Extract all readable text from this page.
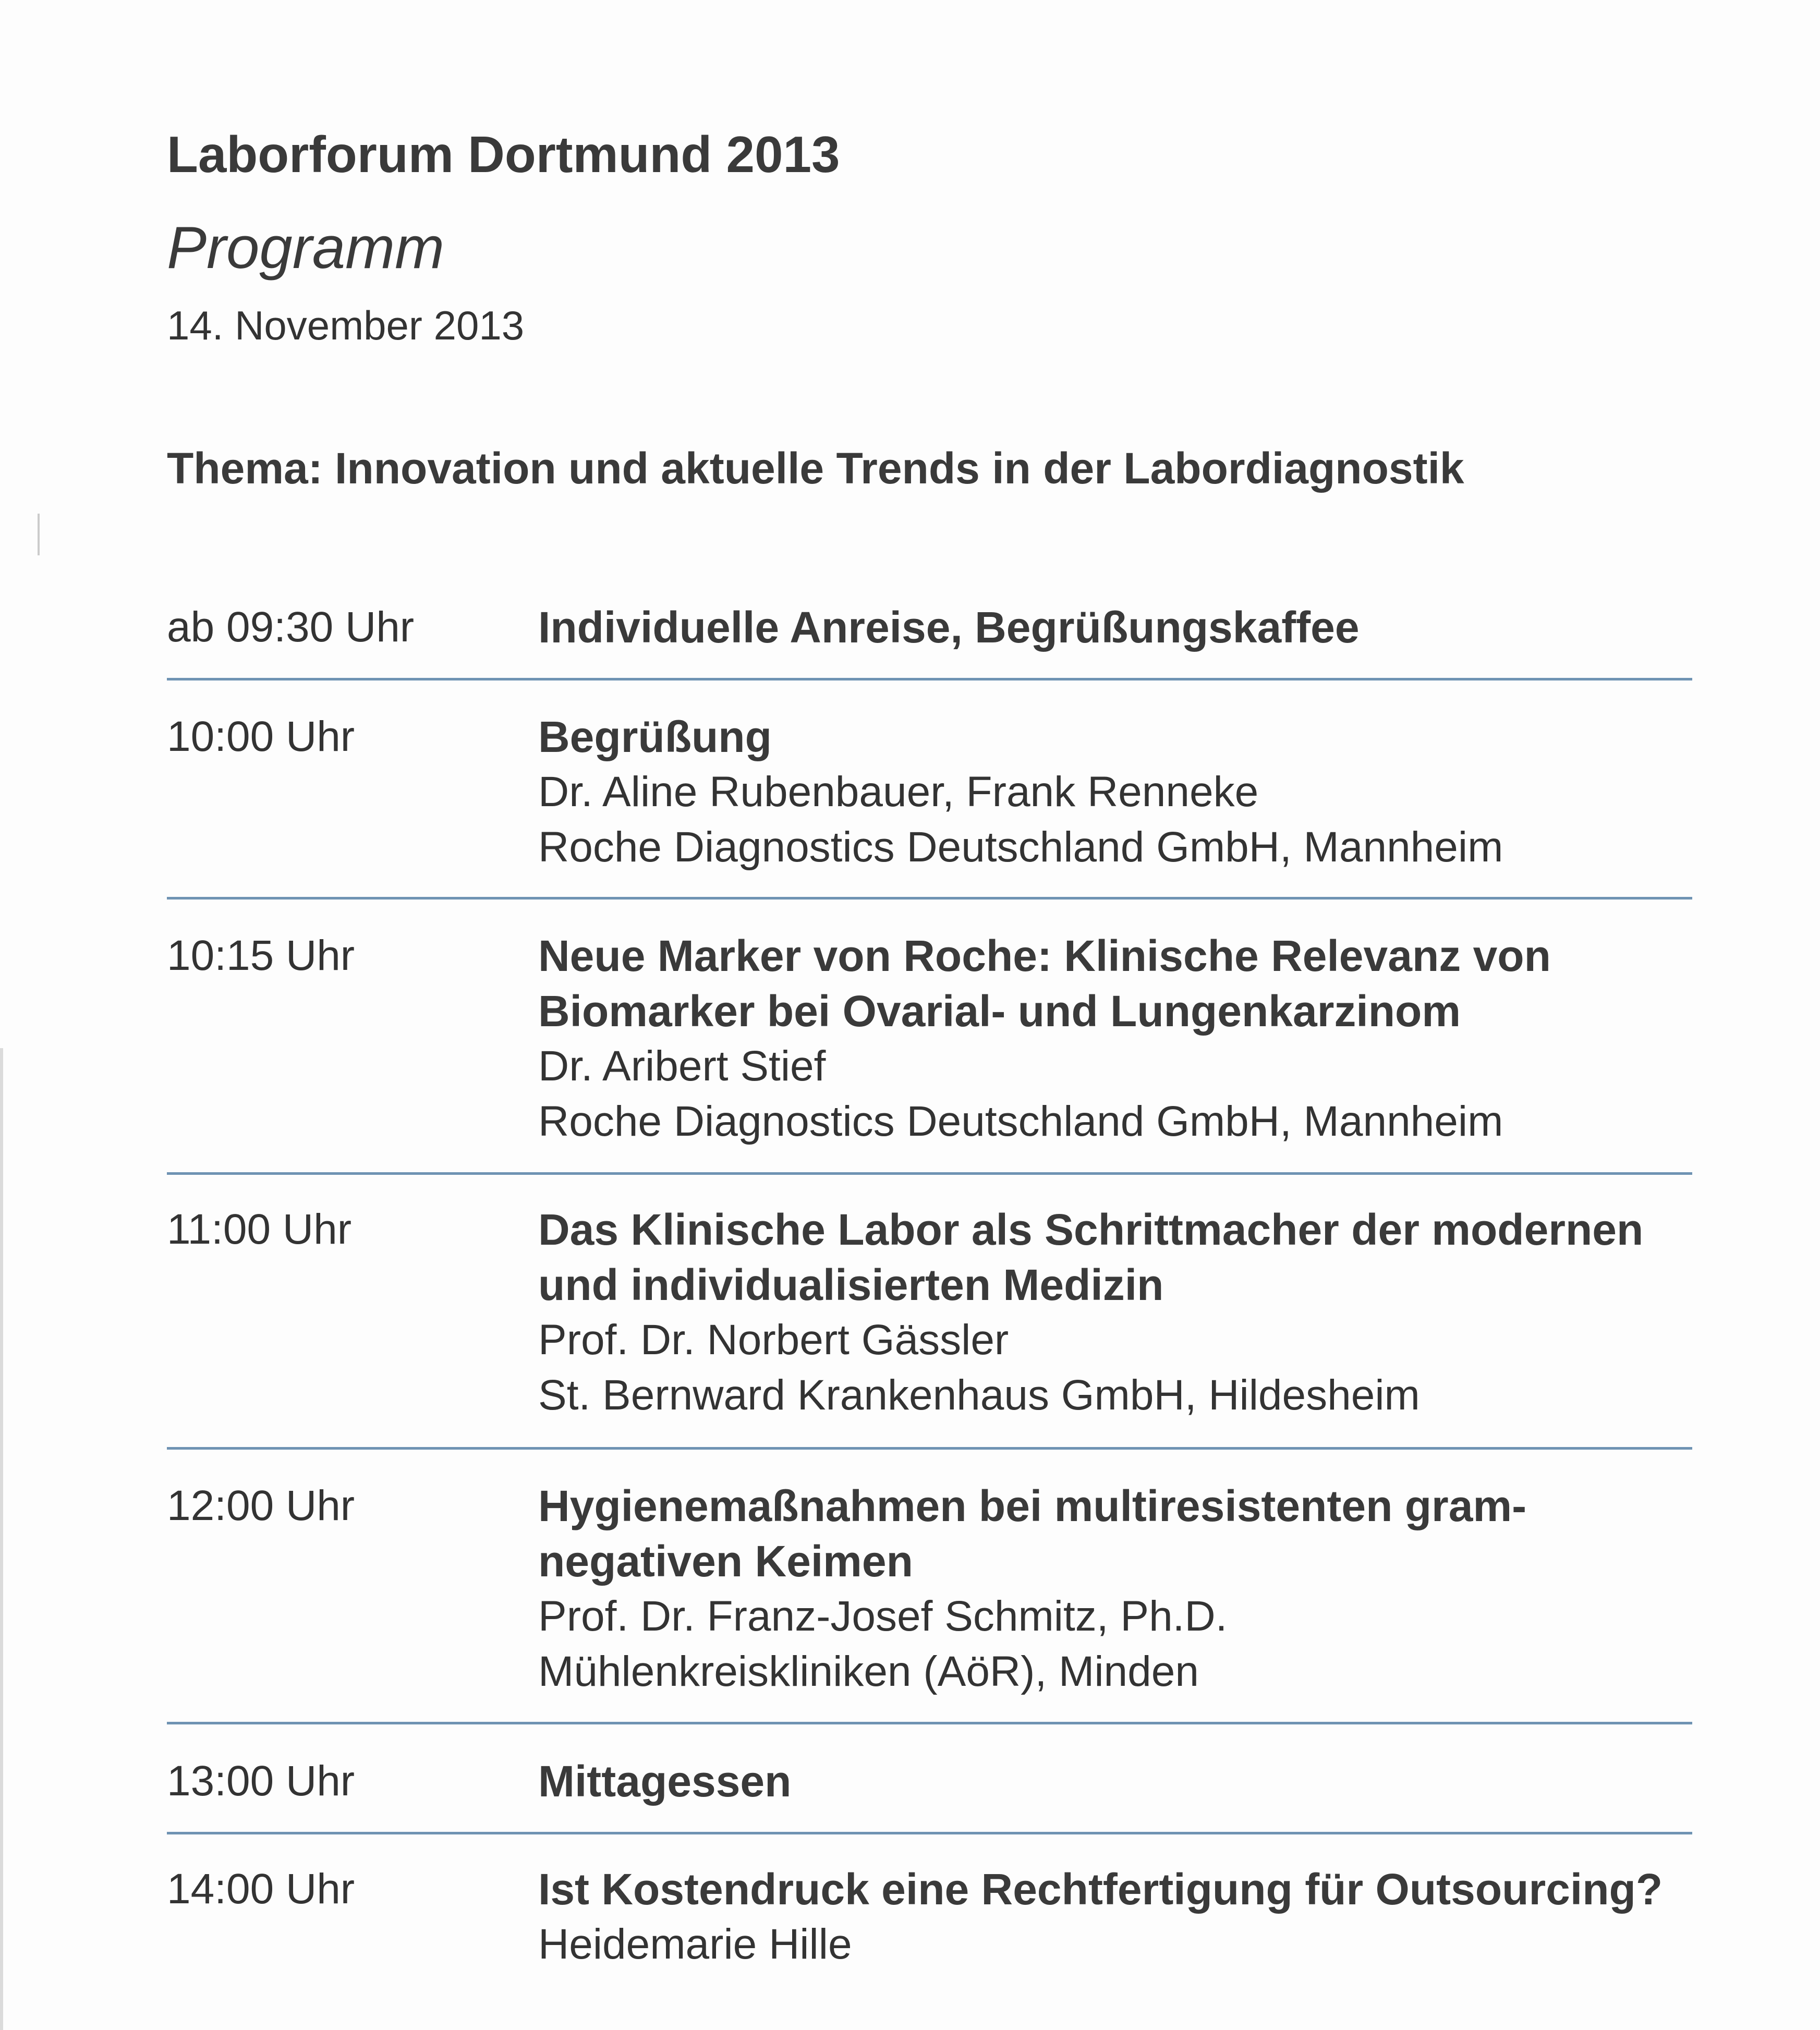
Laborforum Dortmund 2013
Programm
14. November 2013
Thema: Innovation und aktuelle Trends in der Labordiagnostik
ab 09:30 Uhr	Individuelle Anreise, Begrüßungskaffee

10:00 Uhr	Begrüßung

Dr. Aline Rubenbauer, Frank Renneke

Roche Diagnostics Deutschland GmbH, Mannheim

10:15 Uhr	Neue Marker von Roche: Klinische Relevanz von Biomarker bei Ovarial- und Lungenkarzinom

Dr. Aribert Stief

Roche Diagnostics Deutschland GmbH, Mannheim

11:00 Uhr	Das Klinische Labor als Schrittmacher der modernen und individualisierten Medizin

Prof. Dr. Norbert Gässler

St. Bernward Krankenhaus GmbH, Hildesheim

12:00 Uhr	Hygienemaßnahmen bei multiresistenten gram-negativen Keimen

Prof. Dr. Franz-Josef Schmitz, Ph.D.

Mühlenkreiskliniken (AöR), Minden

13:00 Uhr	Mittagessen

14:00 Uhr	Ist Kostendruck eine Rechtfertigung für Outsourcing?

Heidemarie Hille
